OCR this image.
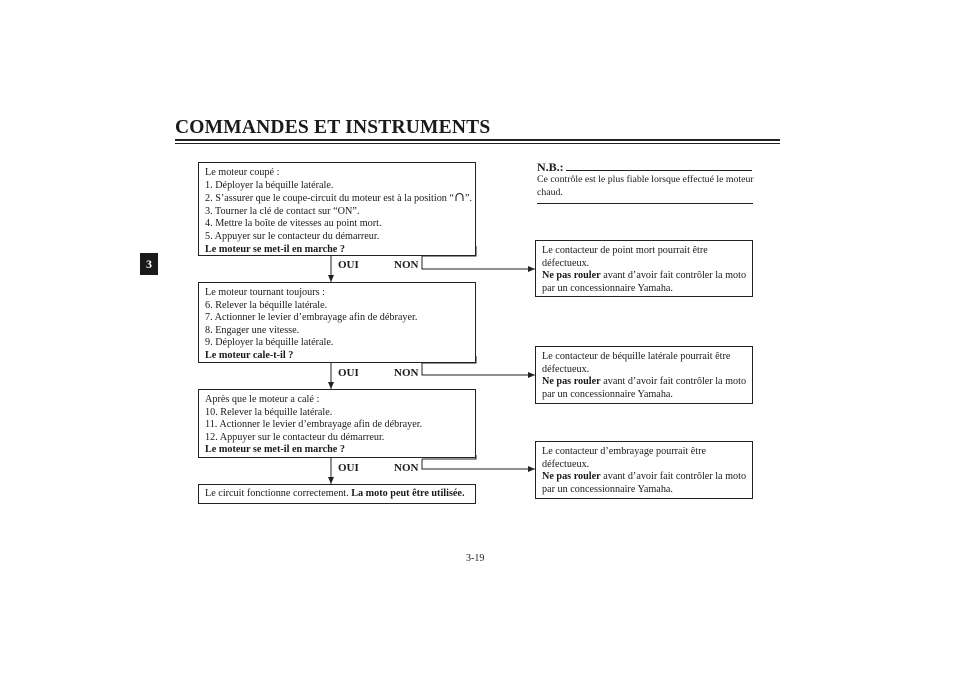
COMMANDES ET INSTRUMENTS
3
Le moteur coupé :
1. Déployer la béquille latérale.
2. S’assurer que le coupe-circuit du moteur est à la position “ ”.
3. Tourner la clé de contact sur “ON”.
4. Mettre la boîte de vitesses au point mort.
5. Appuyer sur le contacteur du démarreur.
Le moteur se met-il en marche ?
OUI	NON
Le moteur tournant toujours :
6. Relever la béquille latérale.
7. Actionner le levier d’embrayage afin de débrayer.
8. Engager une vitesse.
9. Déployer la béquille latérale.
Le moteur cale-t-il ?
OUI	NON
Après que le moteur a calé :
10. Relever la béquille latérale.
11. Actionner le levier d’embrayage afin de débrayer.
12. Appuyer sur le contacteur du démarreur.
Le moteur se met-il en marche ?
OUI	NON
Le circuit fonctionne correctement. La moto peut être utilisée.
N.B.:
Ce contrôle est le plus fiable lorsque effectué le moteur chaud.
Le contacteur de point mort pourrait être
défectueux.
Ne pas rouler avant d’avoir fait contrôler la moto
par un concessionnaire Yamaha.
Le contacteur de béquille latérale pourrait être
défectueux.
Ne pas rouler avant d’avoir fait contrôler la moto
par un concessionnaire Yamaha.
Le contacteur d’embrayage pourrait être
défectueux.
Ne pas rouler avant d’avoir fait contrôler la moto
par un concessionnaire Yamaha.
3-19
